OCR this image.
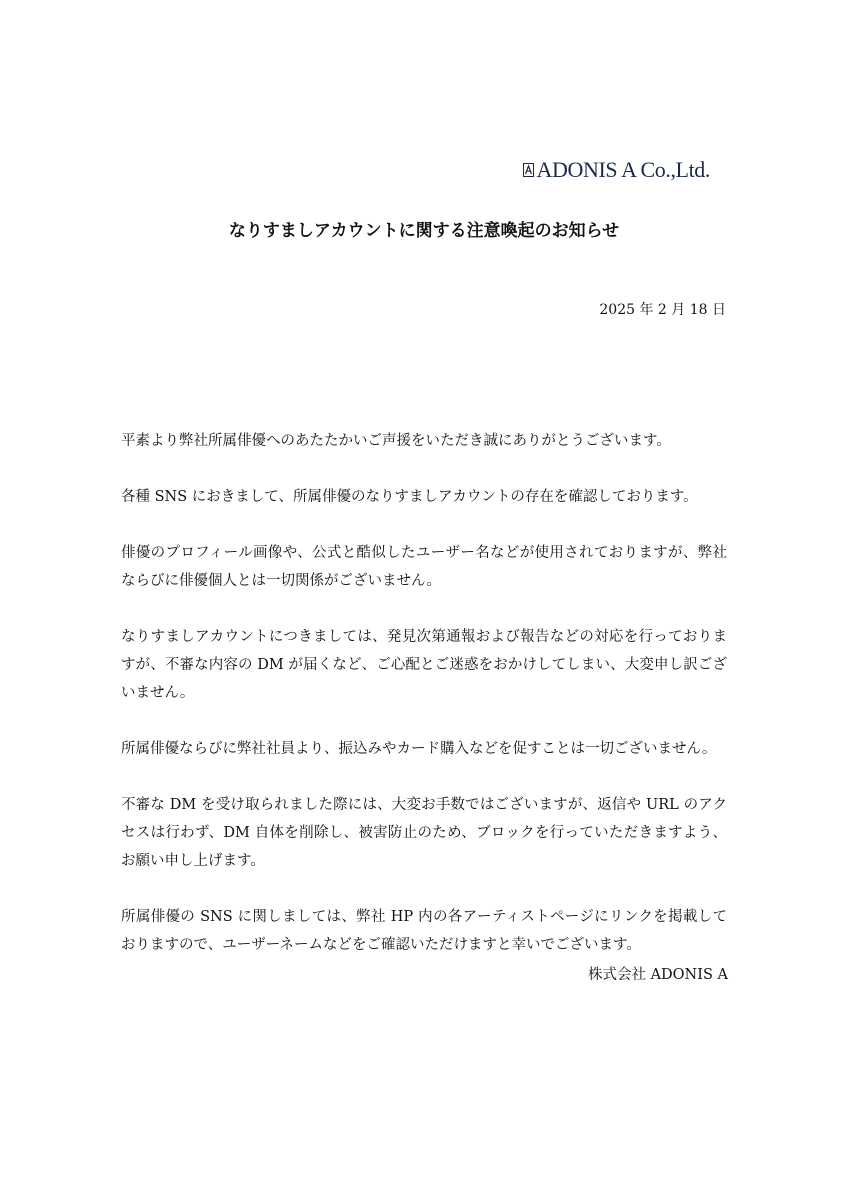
ADONIS A Co.,Ltd.
なりすましアカウントに関する注意喚起のお知らせ
2025 年 2 月 18 日

平素より弊社所属俳優へのあたたかいご声援をいただき誠にありがとうございます。

各種 SNS におきまして、所属俳優のなりすましアカウントの存在を確認しております。

俳優のプロフィール画像や、公式と酷似したユーザー名などが使用されておりますが、弊社ならびに俳優個人とは一切関係がございません。

なりすましアカウントにつきましては、発見次第通報および報告などの対応を行っておりますが、不審な内容の DM が届くなど、ご心配とご迷惑をおかけしてしまい、大変申し訳ございません。

所属俳優ならびに弊社社員より、振込みやカード購入などを促すことは一切ございません。

不審な DM を受け取られました際には、大変お手数ではございますが、返信や URL のアクセスは行わず、DM 自体を削除し、被害防止のため、ブロックを行っていただきますよう、お願い申し上げます。

所属俳優の SNS に関しましては、弊社 HP 内の各アーティストページにリンクを掲載しておりますので、ユーザーネームなどをご確認いただけますと幸いでございます。

株式会社 ADONIS A
